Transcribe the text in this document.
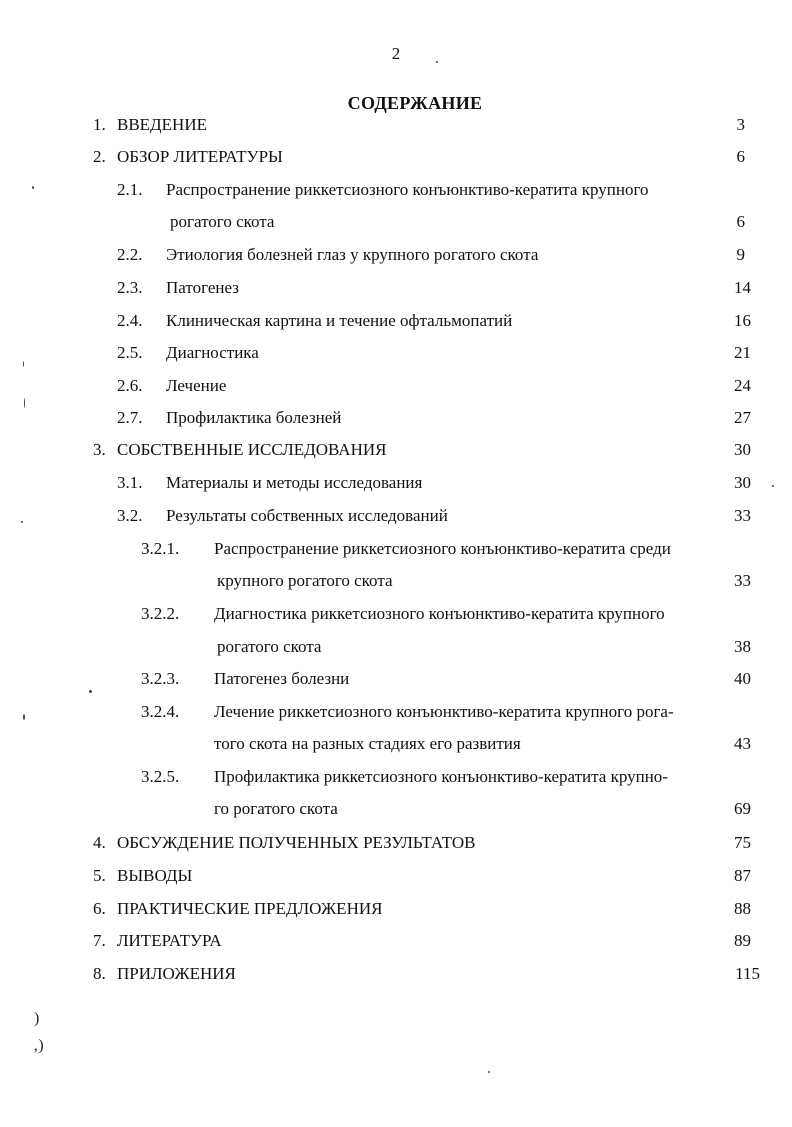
2
СОДЕРЖАНИЕ
1. ВВЕДЕНИЕ	3
2. ОБЗОР ЛИТЕРАТУРЫ	6
2.1. Распространение риккетсиозного конъюнктиво-кератита крупного
рогатого скота	6
2.2. Этиология болезней глаз у крупного рогатого скота	9
2.3. Патогенез	14
2.4. Клиническая картина и течение офтальмопатий	16
2.5. Диагностика	21
2.6. Лечение	24
2.7. Профилактика болезней	27
3. СОБСТВЕННЫЕ ИССЛЕДОВАНИЯ	30
3.1. Материалы и методы исследования	30
3.2. Результаты собственных исследований	33
3.2.1. Распространение риккетсиозного конъюнктиво-кератита среди
крупного рогатого скота	33
3.2.2. Диагностика риккетсиозного конъюнктиво-кератита крупного
рогатого скота	38
3.2.3. Патогенез болезни	40
3.2.4. Лечение риккетсиозного конъюнктиво-кератита крупного рога-
того скота на разных стадиях его развития	43
3.2.5. Профилактика риккетсиозного конъюнктиво-кератита крупно-
го рогатого скота	69
4. ОБСУЖДЕНИЕ ПОЛУЧЕННЫХ РЕЗУЛЬТАТОВ	75
5. ВЫВОДЫ	87
6. ПРАКТИЧЕСКИЕ ПРЕДЛОЖЕНИЯ	88
7. ЛИТЕРАТУРА	89
8. ПРИЛОЖЕНИЯ	115
)
‚)
